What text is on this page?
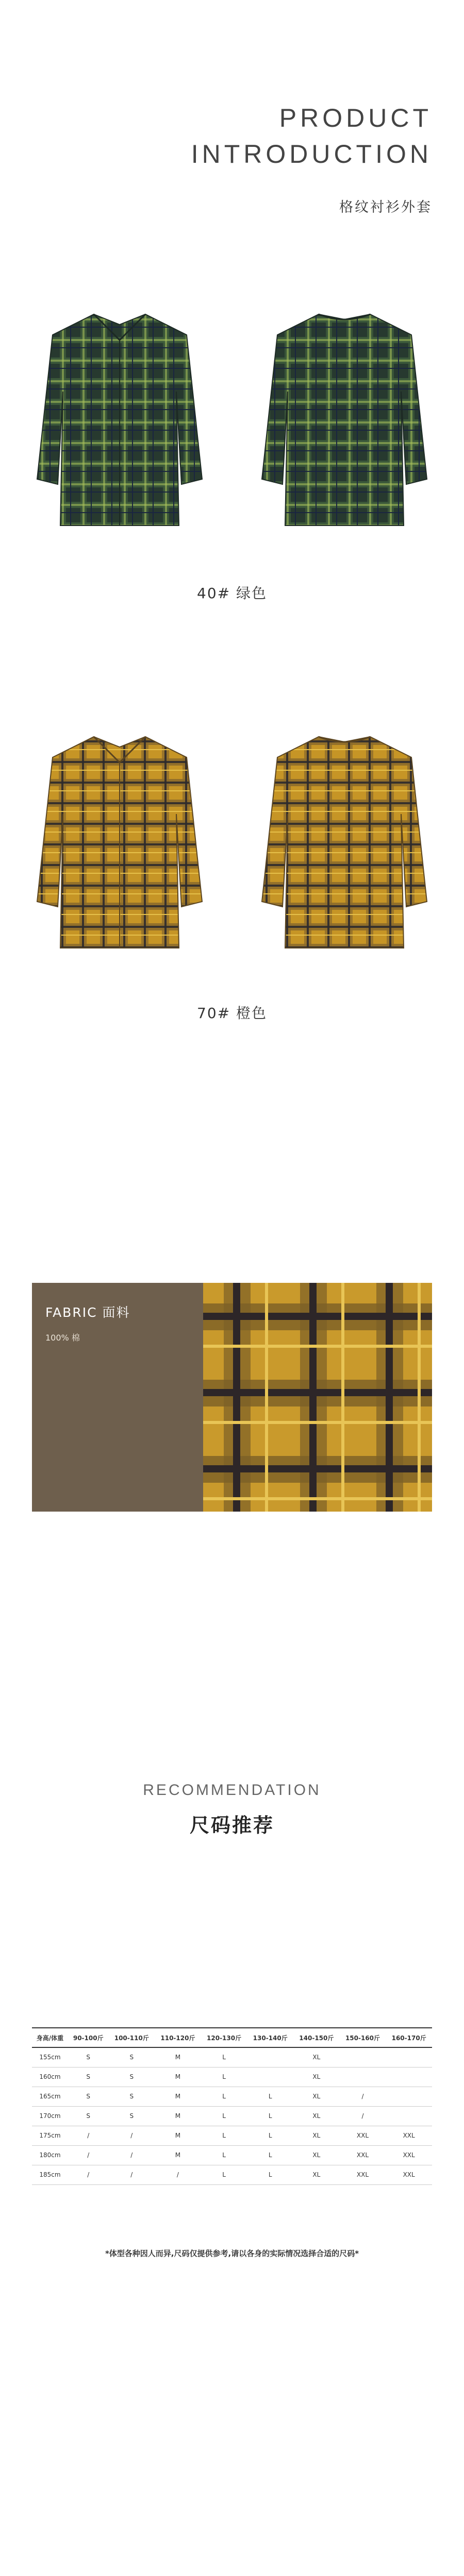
PRODUCT
INTRODUCTION
格纹衬衫外套
40# 绿色
70# 橙色
FABRIC 面料
100% 棉
RECOMMENDATION
尺码推荐
身高/体重	90-100斤	100-110斤	110-120斤	120-130斤	130-140斤	140-150斤	150-160斤	160-170斤
155cm	S	S	M	L		XL		
160cm	S	S	M	L		XL		
165cm	S	S	M	L	L	XL	/	
170cm	S	S	M	L	L	XL	/	
175cm	/	/	M	L	L	XL	XXL	XXL
180cm	/	/	M	L	L	XL	XXL	XXL
185cm	/	/	/	L	L	XL	XXL	XXL
*体型各种因人而异,尺码仅提供参考,请以各身的实际情况选择合适的尺码*
